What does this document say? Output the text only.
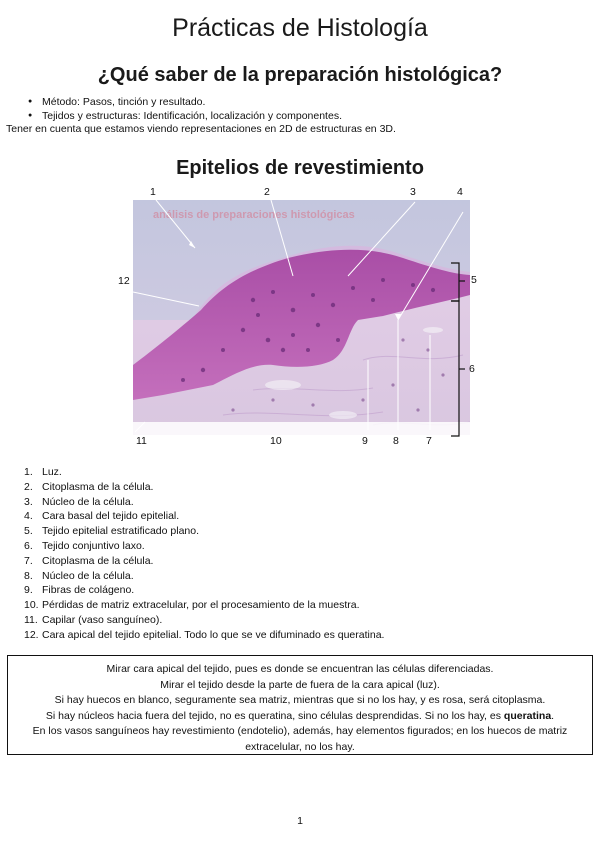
Prácticas de Histología
¿Qué saber de la preparación histológica?
● Método: Pasos, tinción y resultado.
● Tejidos y estructuras: Identificación, localización y componentes.

Tener en cuenta que estamos viendo representaciones en 2D de estructuras en 3D.

Epitelios de revestimiento
análisis de preparaciones histológicas
1	2	3	4
5
6
7
8
9
10
11
12
1. Luz.
2. Citoplasma de la célula.
3. Núcleo de la célula.
4. Cara basal del tejido epitelial.
5. Tejido epitelial estratificado plano.
6. Tejido conjuntivo laxo.
7. Citoplasma de la célula.
8. Núcleo de la célula.
9. Fibras de colágeno.
10. Pérdidas de matriz extracelular, por el procesamiento de la muestra.
11. Capilar (vaso sanguíneo).
12. Cara apical del tejido epitelial. Todo lo que se ve difuminado es queratina.
Mirar cara apical del tejido, pues es donde se encuentran las células diferenciadas.
Mirar el tejido desde la parte de fuera de la cara apical (luz).
Si hay huecos en blanco, seguramente sea matriz, mientras que si no los hay, y es rosa, será citoplasma.
Si hay núcleos hacia fuera del tejido, no es queratina, sino células desprendidas. Si no los hay, es queratina.
En los vasos sanguíneos hay revestimiento (endotelio), además, hay elementos figurados; en los huecos de matriz extracelular, no los hay.
1
